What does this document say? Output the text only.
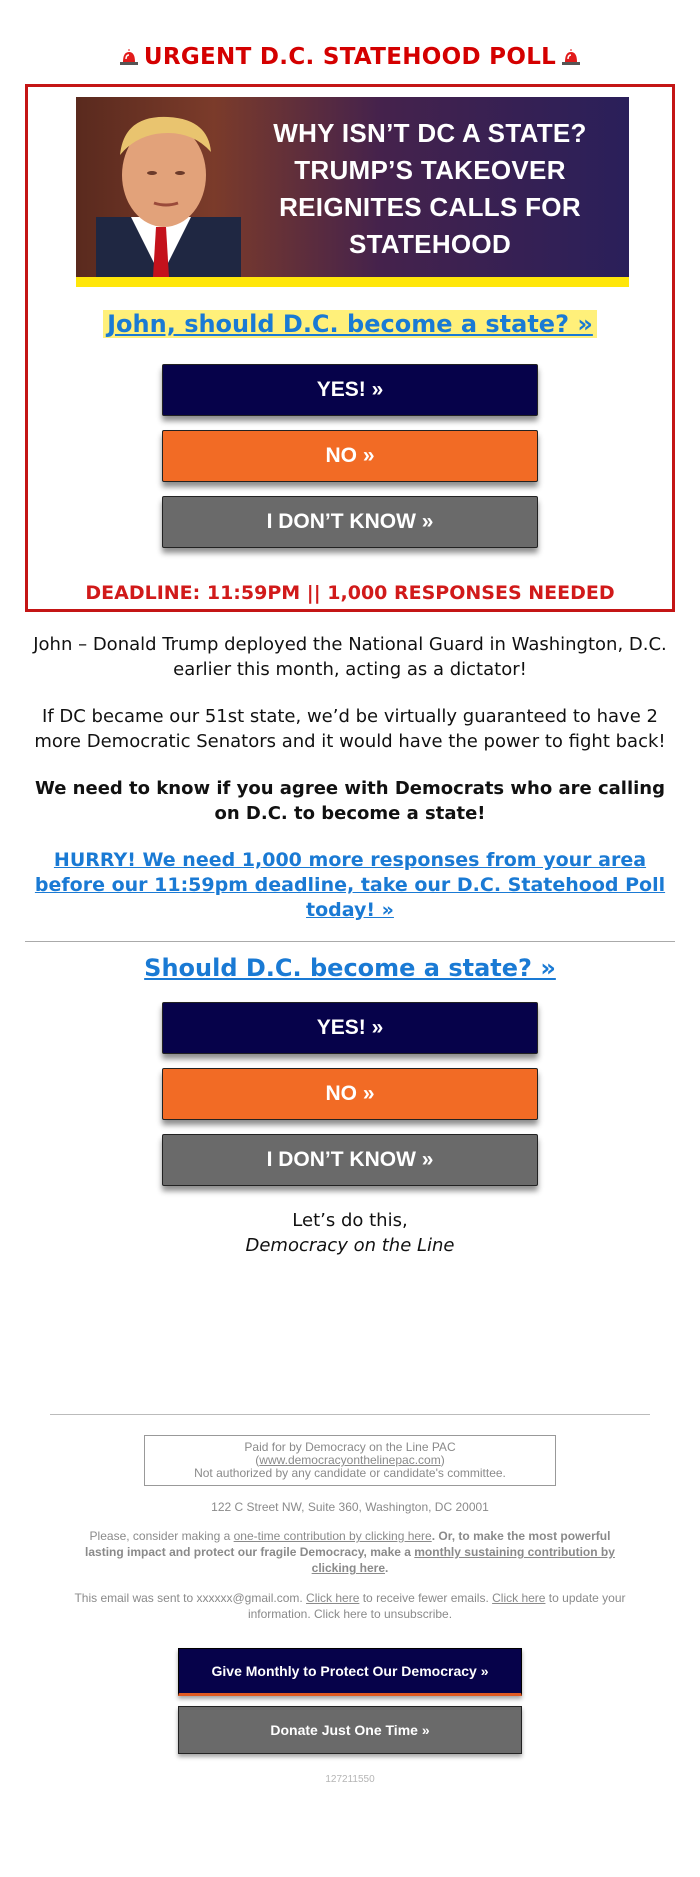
URGENT D.C. STATEHOOD POLL
WHY ISN’T DC A STATE?
TRUMP’S TAKEOVER
REIGNITES CALLS FOR
STATEHOOD
John, should D.C. become a state? »
YES! »
NO »
I DON’T KNOW »
DEADLINE: 11:59PM || 1,000 RESPONSES NEEDED
John – Donald Trump deployed the National Guard in Washington, D.C. earlier this month, acting as a dictator!
If DC became our 51st state, we’d be virtually guaranteed to have 2 more Democratic Senators and it would have the power to fight back!
We need to know if you agree with Democrats who are calling on D.C. to become a state!
HURRY! We need 1,000 more responses from your area before our 11:59pm deadline, take our D.C. Statehood Poll today! »
Should D.C. become a state? »
YES! »
NO »
I DON’T KNOW »
Let’s do this,
Democracy on the Line
Paid for by Democracy on the Line PAC
(www.democracyonthelinepac.com)
Not authorized by any candidate or candidate's committee.
122 C Street NW, Suite 360, Washington, DC 20001
Please, consider making a one-time contribution by clicking here. Or, to make the most powerful lasting impact and protect our fragile Democracy, make a monthly sustaining contribution by clicking here.
This email was sent to xxxxxx@gmail.com. Click here to receive fewer emails. Click here to update your information. Click here to unsubscribe.
Give Monthly to Protect Our Democracy »
Donate Just One Time »
127211550
